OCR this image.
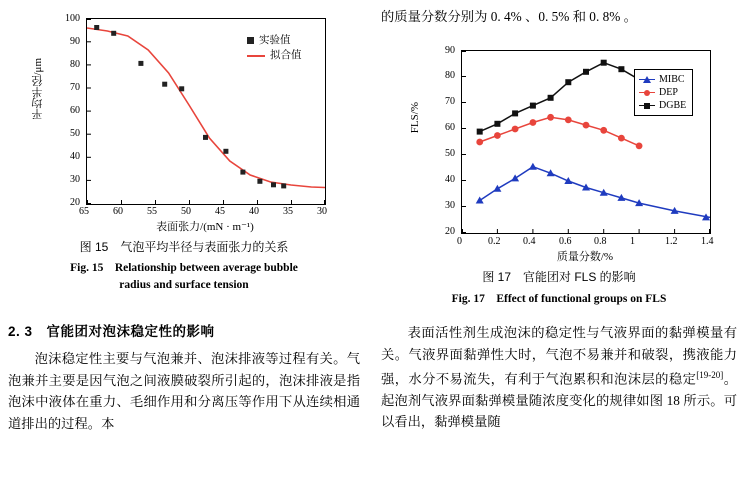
平均半径/μm
实验值
拟合值
20
30
40
50
60
70
80
90
100
65 60 55 50 45 40 35 30
表面张力/(mN · m⁻¹)
图 15　气泡平均半径与表面张力的关系
Fig. 15　Relationship between average bubble
radius and surface tension
2. 3　官能团对泡沫稳定性的影响
泡沫稳定性主要与气泡兼并、泡沫排液等过程有关。气泡兼并主要是因气泡之间液膜破裂所引起的，泡沫排液是指泡沫中液体在重力、毛细作用和分离压等作用下从连续相通道排出的过程。本
的质量分数分别为 0. 4% 、0. 5% 和 0. 8% 。
FLS/%
MIBC
DEP
DGBE
20
30
40
50
60
70
80
90
0	0.2 0.4 0.6 0.8 1	1.2 1.4
质量分数/%
图 17　官能团对 FLS 的影响
Fig. 17　Effect of functional groups on FLS
表面活性剂生成泡沫的稳定性与气液界面的黏弹模量有关。气液界面黏弹性大时，气泡不易兼并和破裂，携液能力强，水分不易流失，有利于气泡累积和泡沫层的稳定[19-20]。起泡剂气液界面黏弹模量随浓度变化的规律如图 18 所示。可以看出，黏弹模量随
